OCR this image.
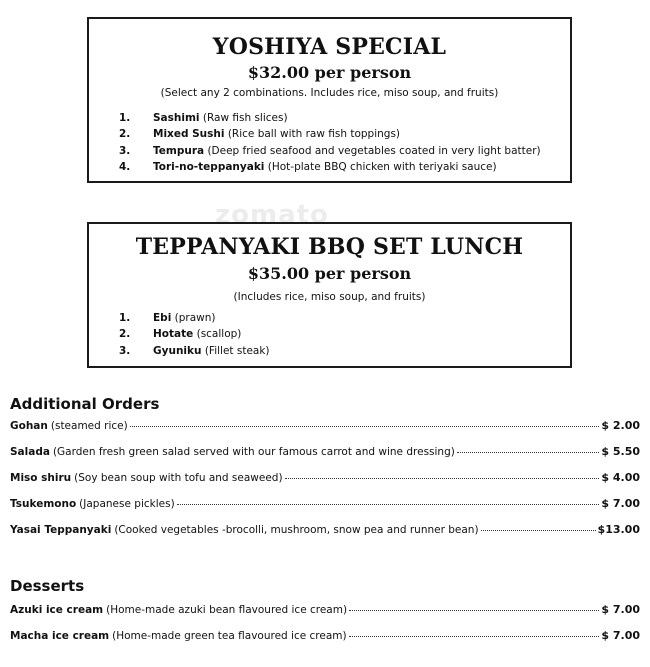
zomato
YOSHIYA SPECIAL
$32.00 per person
(Select any 2 combinations. Includes rice, miso soup, and fruits)
1. Sashimi (Raw fish slices)
2. Mixed Sushi (Rice ball with raw fish toppings)
3. Tempura (Deep fried seafood and vegetables coated in very light batter)
4. Tori-no-teppanyaki (Hot-plate BBQ chicken with teriyaki sauce)
TEPPANYAKI BBQ SET LUNCH
$35.00 per person
(Includes rice, miso soup, and fruits)
1. Ebi (prawn)
2. Hotate (scallop)
3. Gyuniku (Fillet steak)
Additional Orders
Gohan (steamed rice)	$ 2.00
Salada (Garden fresh green salad served with our famous carrot and wine dressing)	$ 5.50
Miso shiru (Soy bean soup with tofu and seaweed)	$ 4.00
Tsukemono (Japanese pickles)	$ 7.00
Yasai Teppanyaki (Cooked vegetables -brocolli, mushroom, snow pea and runner bean)	$13.00
Desserts
Azuki ice cream (Home-made azuki bean flavoured ice cream)	$ 7.00
Macha ice cream (Home-made green tea flavoured ice cream)	$ 7.00
